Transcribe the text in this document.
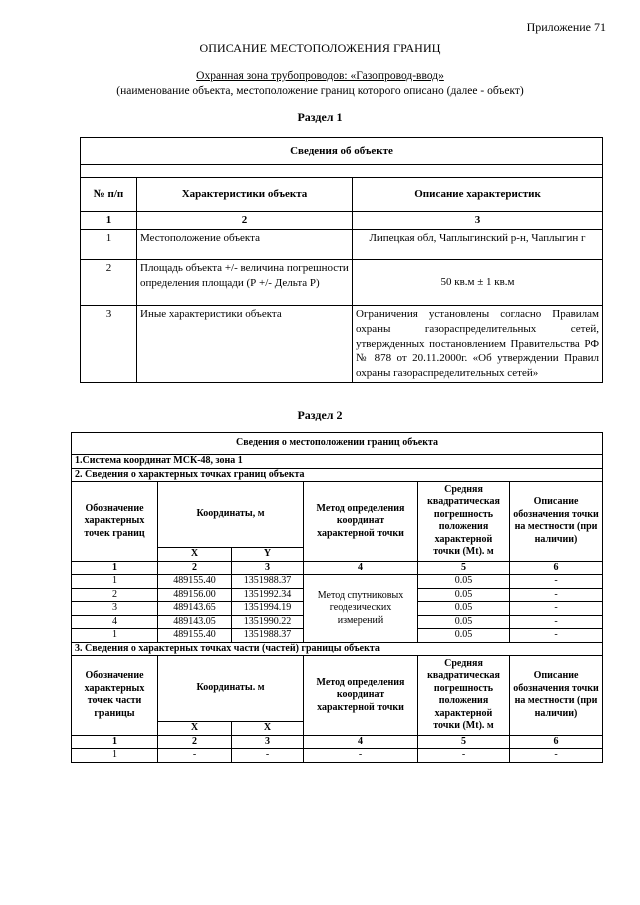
Приложение 71
ОПИСАНИЕ МЕСТОПОЛОЖЕНИЯ ГРАНИЦ
Охранная зона трубопроводов: «Газопровод-ввод»
(наименование объекта, местоположение границ которого описано (далее - объект)
Раздел 1
Сведения об объекте		

№ п/п	Характеристики объекта	Описание характеристик
1	2	3
1	Местоположение объекта	Липецкая обл, Чаплыгинский р-н, Чаплыгин г
2	Площадь объекта +/- величина погрешности определения площади (Р +/- Дельта Р)	50 кв.м ± 1 кв.м
3	Иные характеристики объекта	Ограничения установлены согласно Правилам охраны газораспределительных сетей, утвержденных постановлением Правительства РФ № 878 от 20.11.2000г. «Об утверждении Правил охраны газораспределительных сетей»
Раздел 2
Сведения о местоположении границ объекта					
1.Система координат МСК-48, зона 1					
2. Сведения о характерных точках границ объекта					
Обозначение характерных точек границ	Координаты, м		Метод определения координат характерной точки	Средняя квадратическая погрешность положения характерной точки (Mt). м	Описание обозначения точки на местности (при наличии)
	X	Y			
1	2	3	4	5	6
1	489155.40	1351988.37	Метод спутниковых геодезических измерений	0.05	-
2	489156.00	1351992.34		0.05	-
3	489143.65	1351994.19		0.05	-
4	489143.05	1351990.22		0.05	-
1	489155.40	1351988.37		0.05	-
3. Сведения о характерных точках части (частей) границы объекта					
Обозначение характерных точек части границы	Координаты. м		Метод определения координат характерной точки	Средняя квадратическая погрешность положения характерной точки (Mt). м	Описание обозначения точки на местности (при наличии)
	X	X			
1	2	3	4	5	6
1	-	-	-	-	-
